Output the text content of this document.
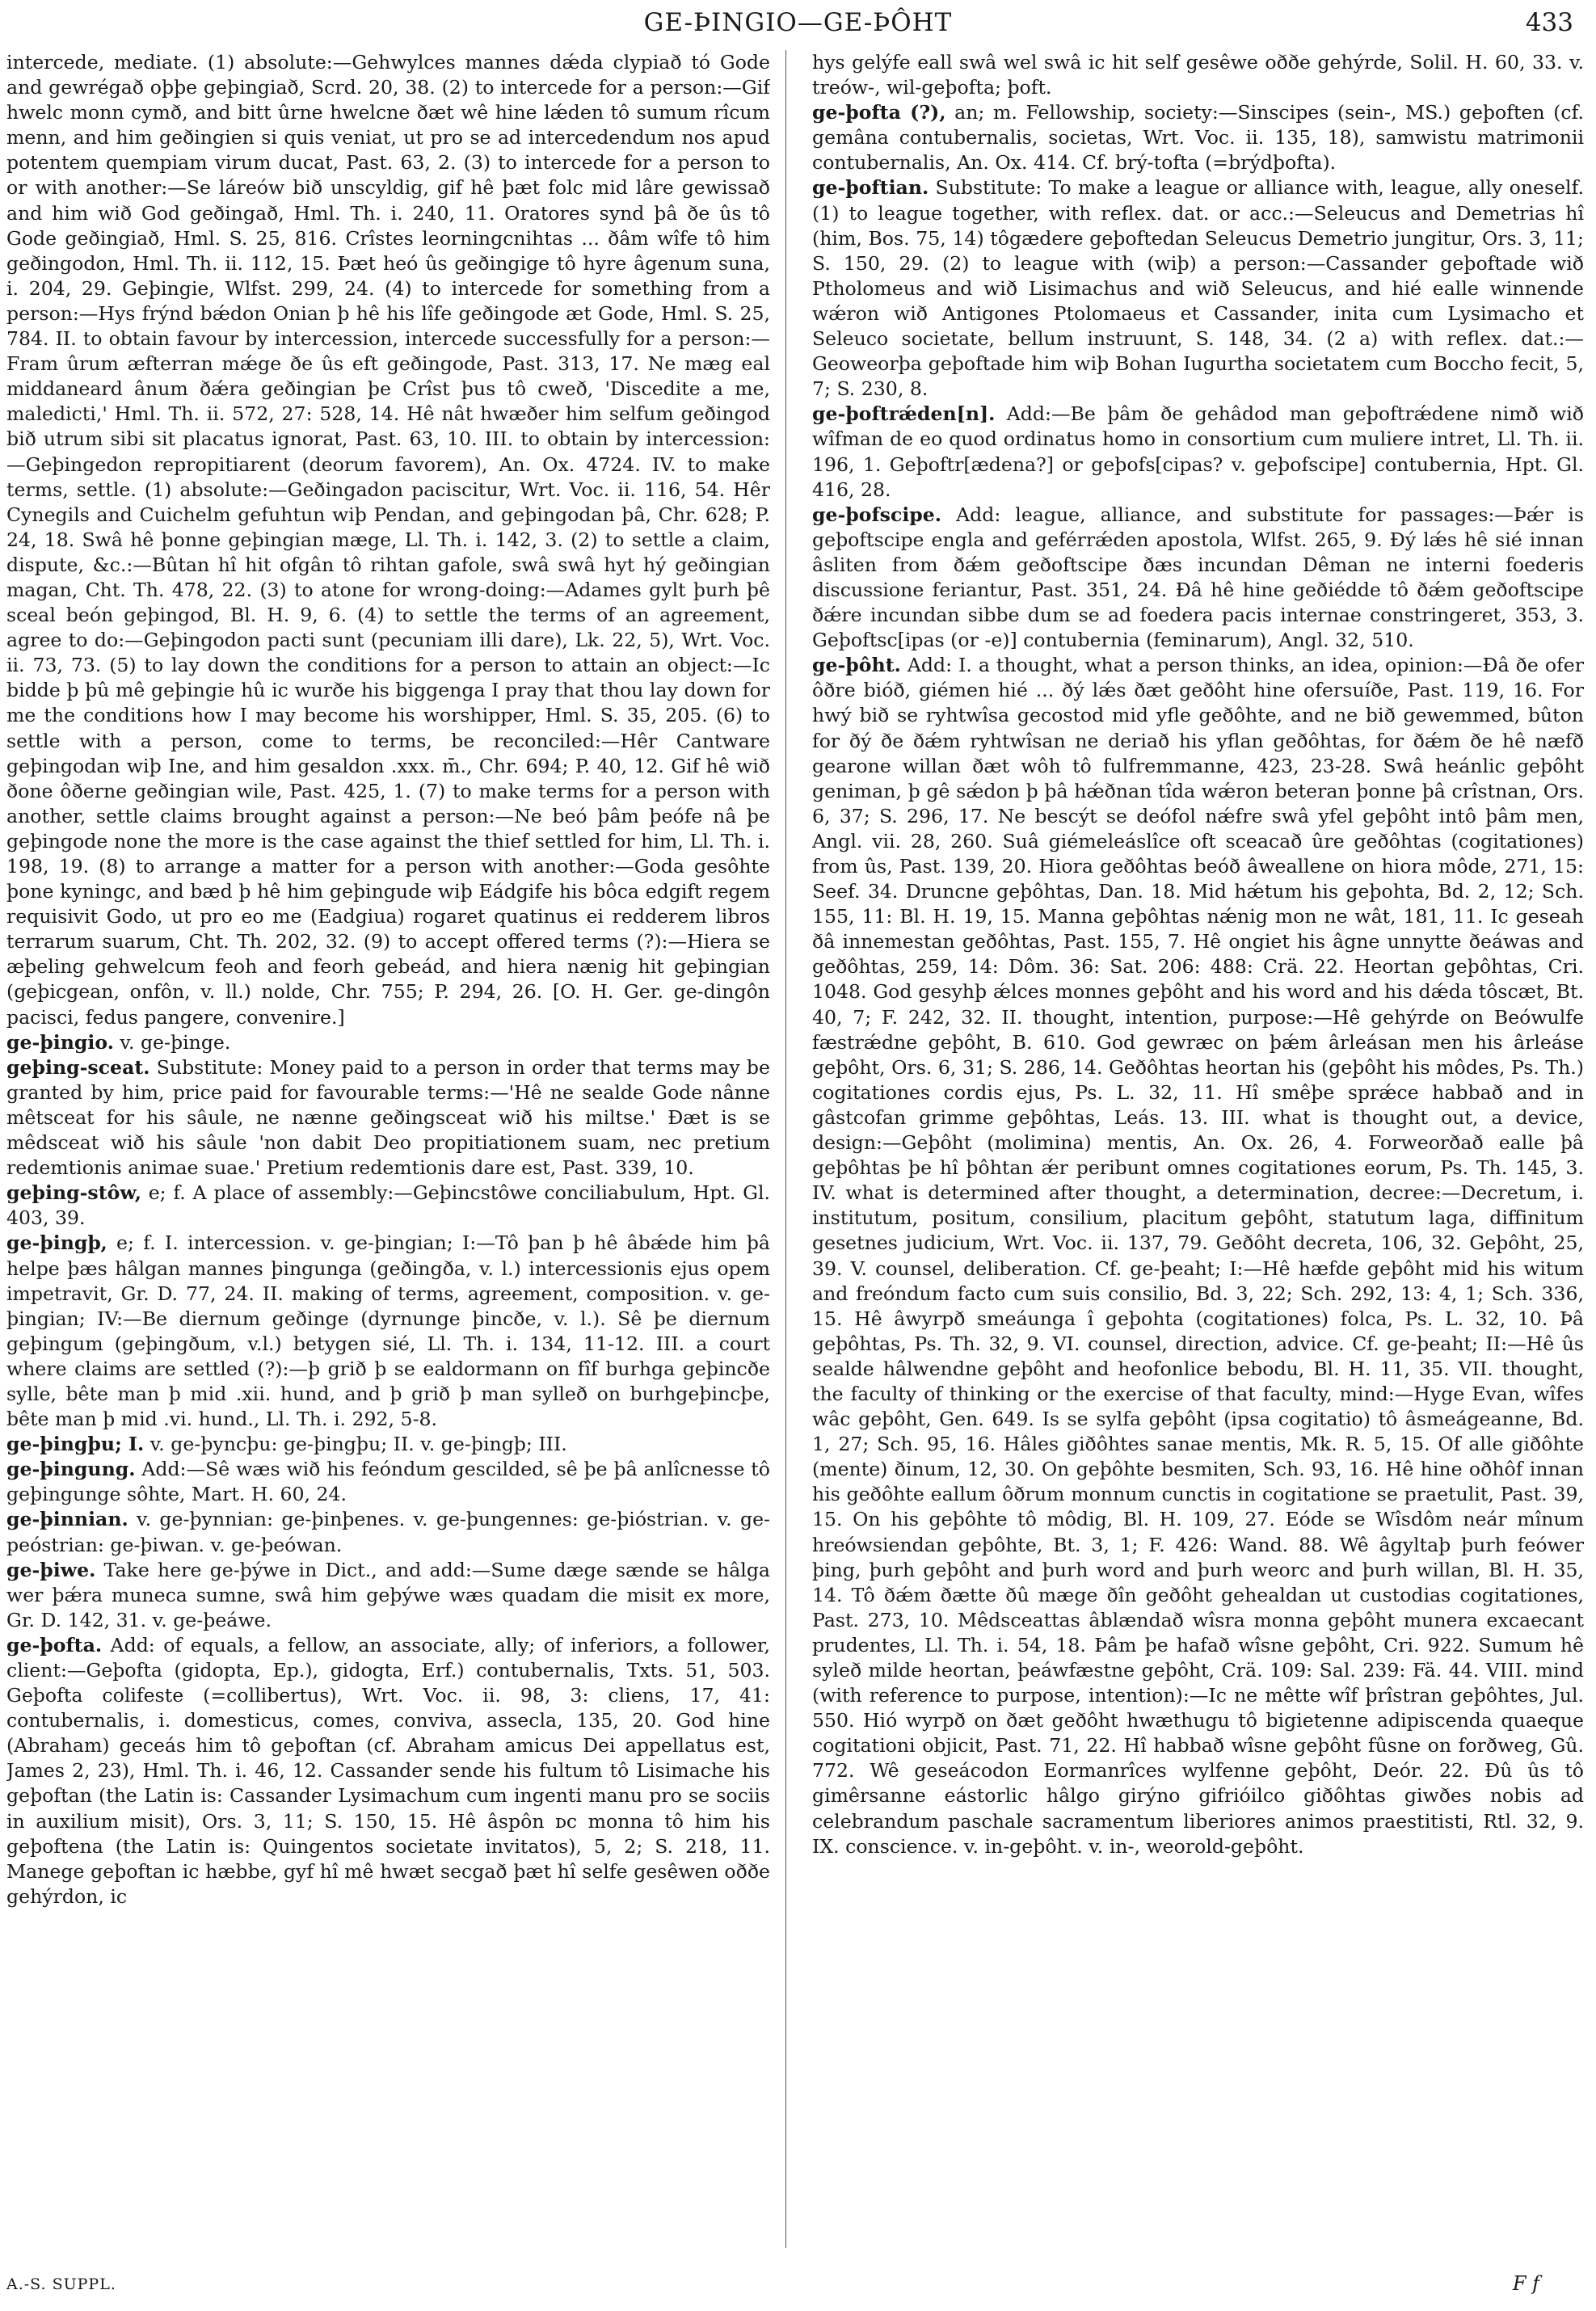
GE-ÞINGIO—GE-ÞÔHT	433

intercede, mediate. (1) absolute:—Gehwylces mannes dǽda clypiað tó Gode and gewrégað oþþe geþingiað, Scrd. 20, 38. (2) to intercede for a person:—Gif hwelc monn cymð, and bitt ûrne hwelcne ðæt wê hine lǽden tô sumum rîcum menn, and him geðingien si quis veniat, ut pro se ad intercedendum nos apud potentem quempiam virum ducat, Past. 63, 2. (3) to intercede for a person to or with another:—Se láreów bið unscyldig, gif hê þæt folc mid lâre gewissað and him wið God geðingað, Hml. Th. i. 240, 11. Oratores synd þâ ðe ûs tô Gode geðingiað, Hml. S. 25, 816. Crîstes leorningcnihtas ... ðâm wîfe tô him geðingodon, Hml. Th. ii. 112, 15. Þæt heó ûs geðingige tô hyre âgenum suna, i. 204, 29. Geþingie, Wlfst. 299, 24. (4) to intercede for something from a person:—Hys frýnd bǽdon Onian þ hê his lîfe geðingode æt Gode, Hml. S. 25, 784. II. to obtain favour by intercession, intercede successfully for a person:—Fram ûrum æfterran mǽge ðe ûs eft geðingode, Past. 313, 17. Ne mæg eal middaneard ânum ðǽra geðingian þe Crîst þus tô cweð, 'Discedite a me, maledicti,' Hml. Th. ii. 572, 27: 528, 14. Hê nât hwæðer him selfum geðingod bið utrum sibi sit placatus ignorat, Past. 63, 10. III. to obtain by intercession:—Geþingedon repropitiarent (deorum favorem), An. Ox. 4724. IV. to make terms, settle. (1) absolute:—Geðingadon paciscitur, Wrt. Voc. ii. 116, 54. Hêr Cynegils and Cuichelm gefuhtun wiþ Pendan, and geþingodan þâ, Chr. 628; P. 24, 18. Swâ hê þonne geþingian mæge, Ll. Th. i. 142, 3. (2) to settle a claim, dispute, &c.:—Bûtan hî hit ofgân tô rihtan gafole, swâ swâ hyt hý geðingian magan, Cht. Th. 478, 22. (3) to atone for wrong-doing:—Adames gylt þurh þê sceal beón geþingod, Bl. H. 9, 6. (4) to settle the terms of an agreement, agree to do:—Geþingodon pacti sunt (pecuniam illi dare), Lk. 22, 5), Wrt. Voc. ii. 73, 73. (5) to lay down the conditions for a person to attain an object:—Ic bidde þ þû mê geþingie hû ic wurðe his biggenga I pray that thou lay down for me the conditions how I may become his worshipper, Hml. S. 35, 205. (6) to settle with a person, come to terms, be reconciled:—Hêr Cantware geþingodan wiþ Ine, and him gesaldon .xxx. m̄., Chr. 694; P. 40, 12. Gif hê wið ðone ôðerne geðingian wile, Past. 425, 1. (7) to make terms for a person with another, settle claims brought against a person:—Ne beó þâm þeófe nâ þe geþingode none the more is the case against the thief settled for him, Ll. Th. i. 198, 19. (8) to arrange a matter for a person with another:—Goda gesôhte þone kyningc, and bæd þ hê him geþingude wiþ Eádgife his bôca edgift regem requisivit Godo, ut pro eo me (Eadgiua) rogaret quatinus ei redderem libros terrarum suarum, Cht. Th. 202, 32. (9) to accept offered terms (?):—Hiera se æþeling gehwelcum feoh and feorh gebeád, and hiera nænig hit geþingian (geþicgean, onfôn, v. ll.) nolde, Chr. 755; P. 294, 26. [O. H. Ger. ge-dingôn pacisci, fedus pangere, convenire.]

ge-þingio. v. ge-þinge.

geþing-sceat. Substitute: Money paid to a person in order that terms may be granted by him, price paid for favourable terms:—'Hê ne sealde Gode nânne mêtsceat for his sâule, ne nænne geðingsceat wið his miltse.' Ðæt is se mêdsceat wið his sâule 'non dabit Deo propitiationem suam, nec pretium redemtionis animae suae.' Pretium redemtionis dare est, Past. 339, 10.

geþing-stôw, e; f. A place of assembly:—Geþincstôwe conciliabulum, Hpt. Gl. 403, 39.

ge-þingþ, e; f. I. intercession. v. ge-þingian; I:—Tô þan þ hê âbǽde him þâ helpe þæs hâlgan mannes þingunga (geðingða, v. l.) intercessionis ejus opem impetravit, Gr. D. 77, 24. II. making of terms, agreement, composition. v. ge-þingian; IV:—Be diernum geðinge (dyrnunge þincðe, v. l.). Sê þe diernum geþingum (geþingðum, v.l.) betygen sié, Ll. Th. i. 134, 11-12. III. a court where claims are settled (?):—þ grið þ se ealdormann on fîf burhga geþincðe sylle, bête man þ mid .xii. hund, and þ grið þ man sylleð on burhgeþincþe, bête man þ mid .vi. hund., Ll. Th. i. 292, 5-8.

ge-þingþu; I. v. ge-þyncþu: ge-þingþu; II. v. ge-þingþ; III.

ge-þingung. Add:—Sê wæs wið his feóndum gescilded, sê þe þâ anlîcnesse tô geþingunge sôhte, Mart. H. 60, 24.

ge-þinnian. v. ge-þynnian: ge-þinþenes. v. ge-þungennes: ge-þióstrian. v. ge-peóstrian: ge-þiwan. v. ge-þeówan.

ge-þiwe. Take here ge-þýwe in Dict., and add:—Sume dæge sænde se hâlga wer þǽra muneca sumne, swâ him geþýwe wæs quadam die misit ex more, Gr. D. 142, 31. v. ge-þeáwe.

ge-þofta. Add: of equals, a fellow, an associate, ally; of inferiors, a follower, client:—Geþofta (gidopta, Ep.), gidogta, Erf.) contubernalis, Txts. 51, 503. Geþofta colifeste (=collibertus), Wrt. Voc. ii. 98, 3: cliens, 17, 41: contubernalis, i. domesticus, comes, conviva, assecla, 135, 20. God hine (Abraham) geceás him tô geþoftan (cf. Abraham amicus Dei appellatus est, James 2, 23), Hml. Th. i. 46, 12. Cassander sende his fultum tô Lisimache his geþoftan (the Latin is: Cassander Lysimachum cum ingenti manu pro se sociis in auxilium misit), Ors. 3, 11; S. 150, 15. Hê âspôn ᴅc monna tô him his geþoftena (the Latin is: Quingentos societate invitatos), 5, 2; S. 218, 11. Manege geþoftan ic hæbbe, gyf hî mê hwæt secgað þæt hî selfe gesêwen oððe gehýrdon, ic

hys gelýfe eall swâ wel swâ ic hit self gesêwe oððe gehýrde, Solil. H. 60, 33. v. treów-, wil-geþofta; þoft.

ge-þofta (?), an; m. Fellowship, society:—Sinscipes (sein-, MS.) geþoften (cf. gemâna contubernalis, societas, Wrt. Voc. ii. 135, 18), samwistu matrimonii contubernalis, An. Ox. 414. Cf. brý-tofta (=brýdþofta).

ge-þoftian. Substitute: To make a league or alliance with, league, ally oneself. (1) to league together, with reflex. dat. or acc.:—Seleucus and Demetrias hî (him, Bos. 75, 14) tôgædere geþoftedan Seleucus Demetrio jungitur, Ors. 3, 11; S. 150, 29. (2) to league with (wiþ) a person:—Cassander geþoftade wið Ptholomeus and wið Lisimachus and wið Seleucus, and hié ealle winnende wǽron wið Antigones Ptolomaeus et Cassander, inita cum Lysimacho et Seleuco societate, bellum instruunt, S. 148, 34. (2 a) with reflex. dat.:—Geoweorþa geþoftade him wiþ Bohan Iugurtha societatem cum Boccho fecit, 5, 7; S. 230, 8.

ge-þoftrǽden[n]. Add:—Be þâm ðe gehâdod man geþoftrǽdene nimð wið wîfman de eo quod ordinatus homo in consortium cum muliere intret, Ll. Th. ii. 196, 1. Geþoftr[ædena?] or geþofs[cipas? v. geþofscipe] contubernia, Hpt. Gl. 416, 28.

ge-þofscipe. Add: league, alliance, and substitute for passages:—Þǽr is geþoftscipe engla and geférrǽden apostola, Wlfst. 265, 9. Ðý lǽs hê sié innan âsliten from ðǽm geðoftscipe ðæs incundan Dêman ne interni foederis discussione feriantur, Past. 351, 24. Ðâ hê hine geðiédde tô ðǽm geðoftscipe ðǽre incundan sibbe dum se ad foedera pacis internae constringeret, 353, 3. Geþoftsc[ipas (or -e)] contubernia (feminarum), Angl. 32, 510.

ge-þôht. Add: I. a thought, what a person thinks, an idea, opinion:—Ðâ ðe ofer ôðre bióð, giémen hié ... ðý lǽs ðæt geðôht hine ofersuíðe, Past. 119, 16. For hwý bið se ryhtwîsa gecostod mid yfle geðôhte, and ne bið gewemmed, bûton for ðý ðe ðǽm ryhtwîsan ne deriað his yflan geðôhtas, for ðǽm ðe hê næfð gearone willan ðæt wôh tô fulfremmanne, 423, 23-28. Swâ heánlic geþôht geniman, þ gê sǽdon þ þâ hǽðnan tîda wǽron beteran þonne þâ crîstnan, Ors. 6, 37; S. 296, 17. Ne bescýt se deófol nǽfre swâ yfel geþôht intô þâm men, Angl. vii. 28, 260. Suâ giémeleáslîce oft sceacað ûre geðôhtas (cogitationes) from ûs, Past. 139, 20. Hiora geðôhtas beóð âweallene on hiora môde, 271, 15: Seef. 34. Druncne geþôhtas, Dan. 18. Mid hǽtum his geþohta, Bd. 2, 12; Sch. 155, 11: Bl. H. 19, 15. Manna geþôhtas nǽnig mon ne wât, 181, 11. Ic geseah ðâ innemestan geðôhtas, Past. 155, 7. Hê ongiet his âgne unnytte ðeáwas and geðôhtas, 259, 14: Dôm. 36: Sat. 206: 488: Crä. 22. Heortan geþôhtas, Cri. 1048. God gesyhþ ǽlces monnes geþôht and his word and his dǽda tôscæt, Bt. 40, 7; F. 242, 32. II. thought, intention, purpose:—Hê gehýrde on Beówulfe fæstrǽdne geþôht, B. 610. God gewræc on þǽm ârleásan men his ârleáse geþôht, Ors. 6, 31; S. 286, 14. Geðôhtas heortan his (geþôht his môdes, Ps. Th.) cogitationes cordis ejus, Ps. L. 32, 11. Hî smêþe sprǽce habbað and in gâstcofan grimme geþôhtas, Leás. 13. III. what is thought out, a device, design:—Geþôht (molimina) mentis, An. Ox. 26, 4. Forweorðað ealle þâ geþôhtas þe hî þôhtan ǽr peribunt omnes cogitationes eorum, Ps. Th. 145, 3. IV. what is determined after thought, a determination, decree:—Decretum, i. institutum, positum, consilium, placitum geþôht, statutum laga, diffinitum gesetnes judicium, Wrt. Voc. ii. 137, 79. Geðôht decreta, 106, 32. Geþôht, 25, 39. V. counsel, deliberation. Cf. ge-þeaht; I:—Hê hæfde geþôht mid his witum and freóndum facto cum suis consilio, Bd. 3, 22; Sch. 292, 13: 4, 1; Sch. 336, 15. Hê âwyrpð smeáunga î geþohta (cogitationes) folca, Ps. L. 32, 10. Þâ geþôhtas, Ps. Th. 32, 9. VI. counsel, direction, advice. Cf. ge-þeaht; II:—Hê ûs sealde hâlwendne geþôht and heofonlice bebodu, Bl. H. 11, 35. VII. thought, the faculty of thinking or the exercise of that faculty, mind:—Hyge Evan, wîfes wâc geþôht, Gen. 649. Is se sylfa geþôht (ipsa cogitatio) tô âsmeágeanne, Bd. 1, 27; Sch. 95, 16. Hâles giðôhtes sanae mentis, Mk. R. 5, 15. Of alle giðôhte (mente) ðinum, 12, 30. On geþôhte besmiten, Sch. 93, 16. Hê hine oðhôf innan his geðôhte eallum ôðrum monnum cunctis in cogitatione se praetulit, Past. 39, 15. On his geþôhte tô môdig, Bl. H. 109, 27. Eóde se Wîsdôm neár mînum hreówsiendan geþôhte, Bt. 3, 1; F. 426: Wand. 88. Wê âgyltaþ þurh feówer þing, þurh geþôht and þurh word and þurh weorc and þurh willan, Bl. H. 35, 14. Tô ðǽm ðætte ðû mæge ðîn geðôht gehealdan ut custodias cogitationes, Past. 273, 10. Mêdsceattas âblændað wîsra monna geþôht munera excaecant prudentes, Ll. Th. i. 54, 18. Þâm þe hafað wîsne geþôht, Cri. 922. Sumum hê syleð milde heortan, þeáwfæstne geþôht, Crä. 109: Sal. 239: Fä. 44. VIII. mind (with reference to purpose, intention):—Ic ne mêtte wîf þrîstran geþôhtes, Jul. 550. Hió wyrpð on ðæt geðôht hwæthugu tô bigietenne adipiscenda quaeque cogitationi objicit, Past. 71, 22. Hî habbað wîsne geþôht fûsne on forðweg, Gû. 772. Wê geseácodon Eormanrîces wylfenne geþôht, Deór. 22. Ðû ûs tô gimêrsanne eástorlic hâlgo girýno gifrióilco giðôhtas giwðes nobis ad celebrandum paschale sacramentum liberiores animos praestitisti, Rtl. 32, 9. IX. conscience. v. in-geþôht. v. in-, weorold-geþôht.

A.-S. SUPPL.	F f
